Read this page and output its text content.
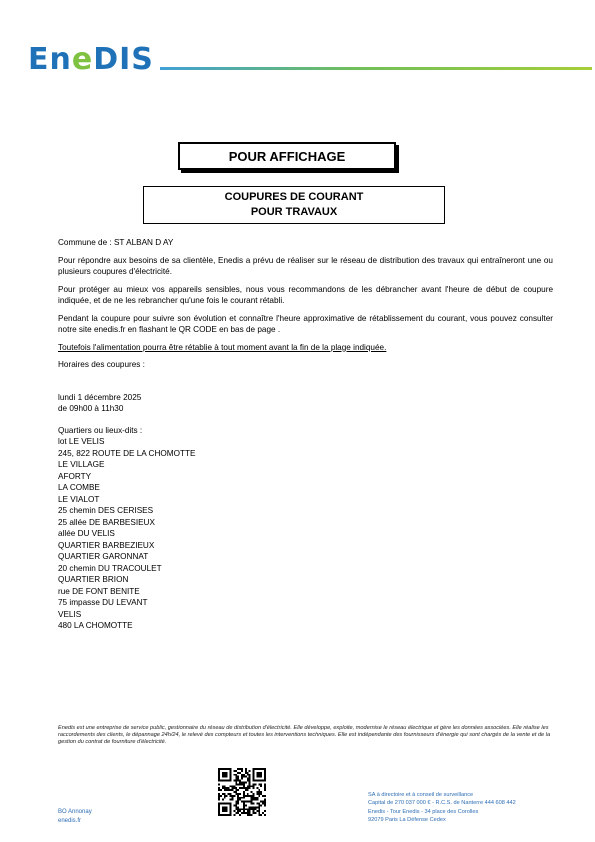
EneDIS
POUR AFFICHAGE
COUPURES DE COURANT
POUR TRAVAUX

Commune de : ST ALBAN D AY

Pour répondre aux besoins de sa clientèle, Enedis a prévu de réaliser sur le réseau de distribution des travaux qui entraîneront une ou plusieurs coupures d'électricité.

Pour protéger au mieux vos appareils sensibles, nous vous recommandons de les débrancher avant l'heure de début de coupure indiquée, et de ne les rebrancher qu'une fois le courant rétabli.

Pendant la coupure pour suivre son évolution et connaître l'heure approximative de rétablissement du courant, vous pouvez consulter notre site enedis.fr en flashant le QR CODE en bas de page .

Toutefois l'alimentation pourra être rétablie à tout moment avant la fin de la plage indiquée.

Horaires des coupures :

lundi 1 décembre 2025
de 09h00 à 11h30
Quartiers ou lieux-dits :
lot LE VELIS
245, 822 ROUTE DE LA CHOMOTTE
LE VILLAGE
AFORTY
LA COMBE
LE VIALOT
25 chemin DES CERISES
25 allée DE BARBESIEUX
allée DU VELIS
QUARTIER BARBEZIEUX
QUARTIER GARONNAT
20 chemin DU TRACOULET
QUARTIER BRION
rue DE FONT BENITE
75 impasse DU LEVANT
VELIS
480 LA CHOMOTTE
Enedis est une entreprise de service public, gestionnaire du réseau de distribution d'électricité. Elle développe, exploite, modernise le réseau électrique et gère les données associées. Elle réalise les raccordements des clients, le dépannage 24h/24, le relevé des compteurs et toutes les interventions techniques. Elle est indépendante des fournisseurs d'énergie qui sont chargés de la vente et de la gestion du contrat de fourniture d'électricité.
BO Annonay
enedis.fr
SA à directoire et à conseil de surveillance
Capital de 270 037 000 € - R.C.S. de Nanterre 444 608 442
Enedis - Tour Enedis - 34 place des Corolles
92079 Paris La Défense Cedex
